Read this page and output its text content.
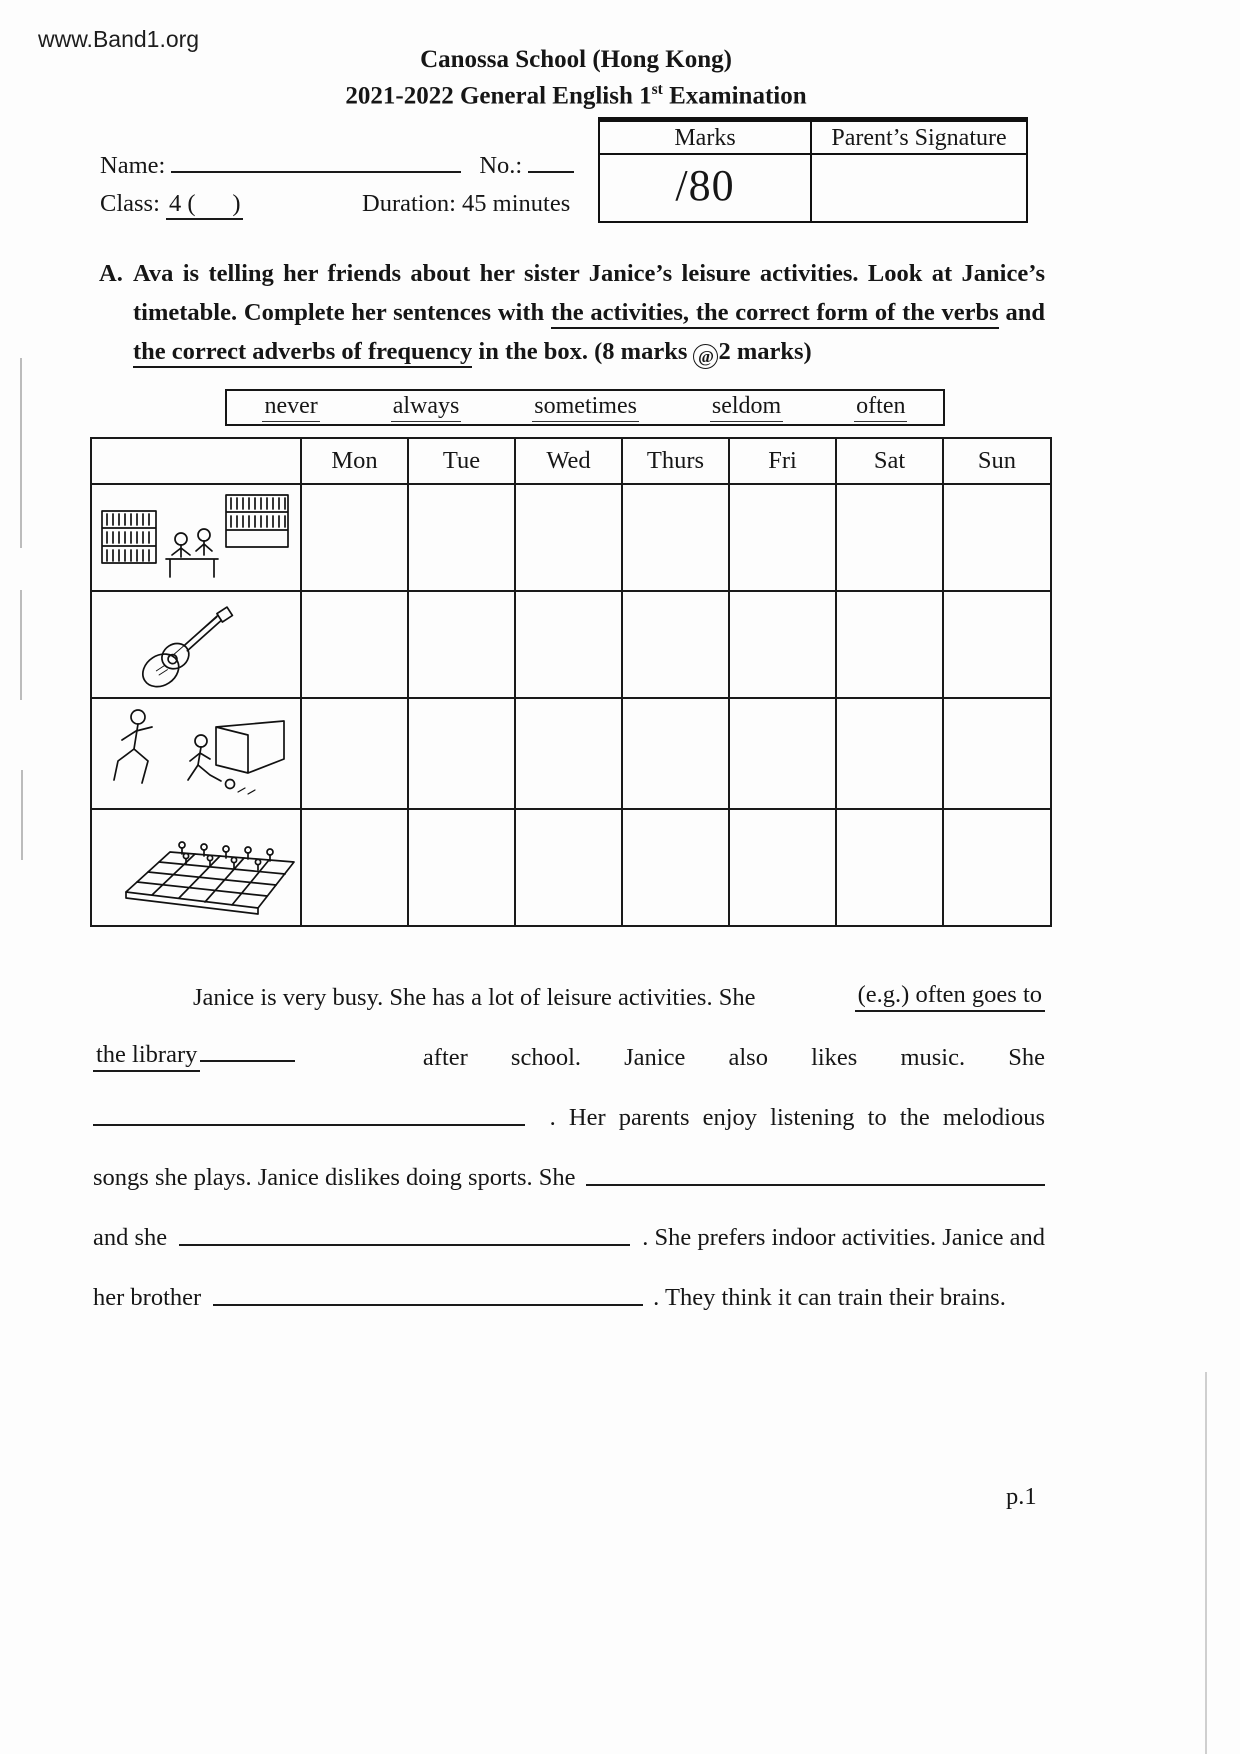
www.Band1.org
Canossa School (Hong Kong)
2021-2022 General English 1st Examination
Marks	Parent’s Signature
/80
Name:	No.:
Class: 4 (      )	Duration: 45 minutes
A. Ava is telling her friends about her sister Janice’s leisure activities. Look at Janice’s timetable. Complete her sentences with the activities, the correct form of the verbs and the correct adverbs of frequency in the box. (8 marks @ 2 marks)
never	always	sometimes	seldom	often
	Mon	Tue	Wed	Thurs	Fri	Sat	Sun

Janice is very busy. She has a lot of leisure activities. She	(e.g.) often goes to
the library	after school. Janice also likes music. She
. Her parents enjoy listening to the melodious
songs she plays. Janice dislikes doing sports. She
and she	. She prefers indoor activities. Janice and
her brother	. They think it can train their brains.
p.1
